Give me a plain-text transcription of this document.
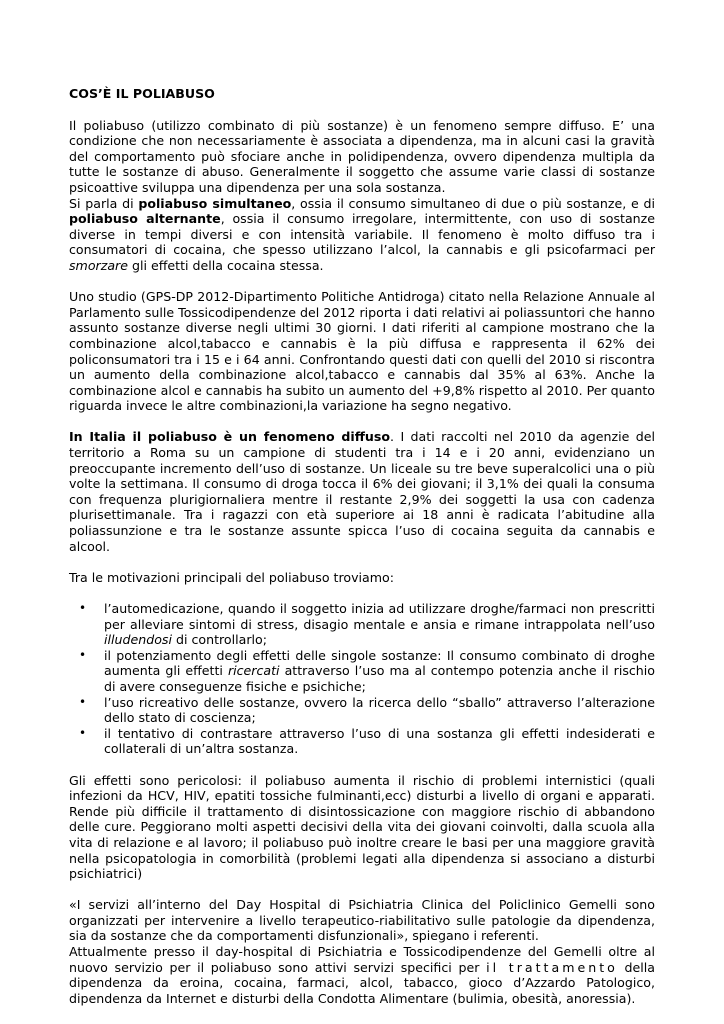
COS’È IL POLIABUSO

Il poliabuso (utilizzo combinato di più sostanze) è un fenomeno sempre diffuso. E’ una condizione che non necessariamente è associata a dipendenza, ma in alcuni casi la gravità del comportamento può sfociare anche in polidipendenza, ovvero dipendenza multipla da tutte le sostanze di abuso. Generalmente il soggetto che assume varie classi di sostanze psicoattive sviluppa una dipendenza per una sola sostanza.

Si parla di poliabuso simultaneo, ossia il consumo simultaneo di due o più sostanze, e di poliabuso alternante, ossia il consumo irregolare, intermittente, con uso di sostanze diverse in tempi diversi e con intensità variabile. Il fenomeno è molto diffuso tra i consumatori di cocaina, che spesso utilizzano l’alcol, la cannabis e gli psicofarmaci per smorzare gli effetti della cocaina stessa.

Uno studio (GPS-DP 2012-Dipartimento Politiche Antidroga) citato nella Relazione Annuale al Parlamento sulle Tossicodipendenze del 2012 riporta i dati relativi ai poliassuntori che hanno assunto sostanze diverse negli ultimi 30 giorni. I dati riferiti al campione mostrano che la combinazione alcol,tabacco e cannabis è la più diffusa e rappresenta il 62% dei policonsumatori tra i 15 e i 64 anni. Confrontando questi dati con quelli del 2010 si riscontra un aumento della combinazione alcol,tabacco e cannabis dal 35% al 63%. Anche la combinazione alcol e cannabis ha subito un aumento del +9,8% rispetto al 2010. Per quanto riguarda invece le altre combinazioni,la variazione ha segno negativo.

In Italia il poliabuso è un fenomeno diffuso. I dati raccolti nel 2010 da agenzie del territorio a Roma su un campione di studenti tra i 14 e i 20 anni, evidenziano un preoccupante incremento dell’uso di sostanze. Un liceale su tre beve superalcolici una o più volte la settimana. Il consumo di droga tocca il 6% dei giovani; il 3,1% dei quali la consuma con frequenza plurigiornaliera mentre il restante 2,9% dei soggetti la usa con cadenza plurisettimanale. Tra i ragazzi con età superiore ai 18 anni è radicata l’abitudine alla poliassunzione e tra le sostanze assunte spicca l’uso di cocaina seguita da cannabis e alcool.

Tra le motivazioni principali del poliabuso troviamo:

• l’automedicazione, quando il soggetto inizia ad utilizzare droghe/farmaci non prescritti per alleviare sintomi di stress, disagio mentale e ansia e rimane intrappolata nell’uso illudendosi di controllarlo;
• il potenziamento degli effetti delle singole sostanze: Il consumo combinato di droghe aumenta gli effetti ricercati attraverso l’uso ma al contempo potenzia anche il rischio di avere conseguenze fisiche e psichiche;
• l’uso ricreativo delle sostanze, ovvero la ricerca dello “sballo” attraverso l’alterazione dello stato di coscienza;
• il tentativo di contrastare attraverso l’uso di una sostanza gli effetti indesiderati e collaterali di un’altra sostanza.

Gli effetti sono pericolosi: il poliabuso aumenta il rischio di problemi internistici (quali infezioni da HCV, HIV, epatiti tossiche fulminanti,ecc) disturbi a livello di organi e apparati. Rende più difficile il trattamento di disintossicazione con maggiore rischio di abbandono delle cure. Peggiorano molti aspetti decisivi della vita dei giovani coinvolti, dalla scuola alla vita di relazione e al lavoro; il poliabuso può inoltre creare le basi per una maggiore gravità nella psicopatologia in comorbilità (problemi legati alla dipendenza si associano a disturbi psichiatrici)

«I servizi all’interno del Day Hospital di Psichiatria Clinica del Policlinico Gemelli sono organizzati per intervenire a livello terapeutico-riabilitativo sulle patologie da dipendenza, sia da sostanze che da comportamenti disfunzionali», spiegano i referenti.

Attualmente presso il day-hospital di Psichiatria e Tossicodipendenze del Gemelli oltre al nuovo servizio per il poliabuso sono attivi servizi specifici per il trattamento della dipendenza da eroina, cocaina, farmaci, alcol, tabacco, gioco d’Azzardo Patologico, dipendenza da Internet e disturbi della Condotta Alimentare (bulimia, obesità, anoressia).
